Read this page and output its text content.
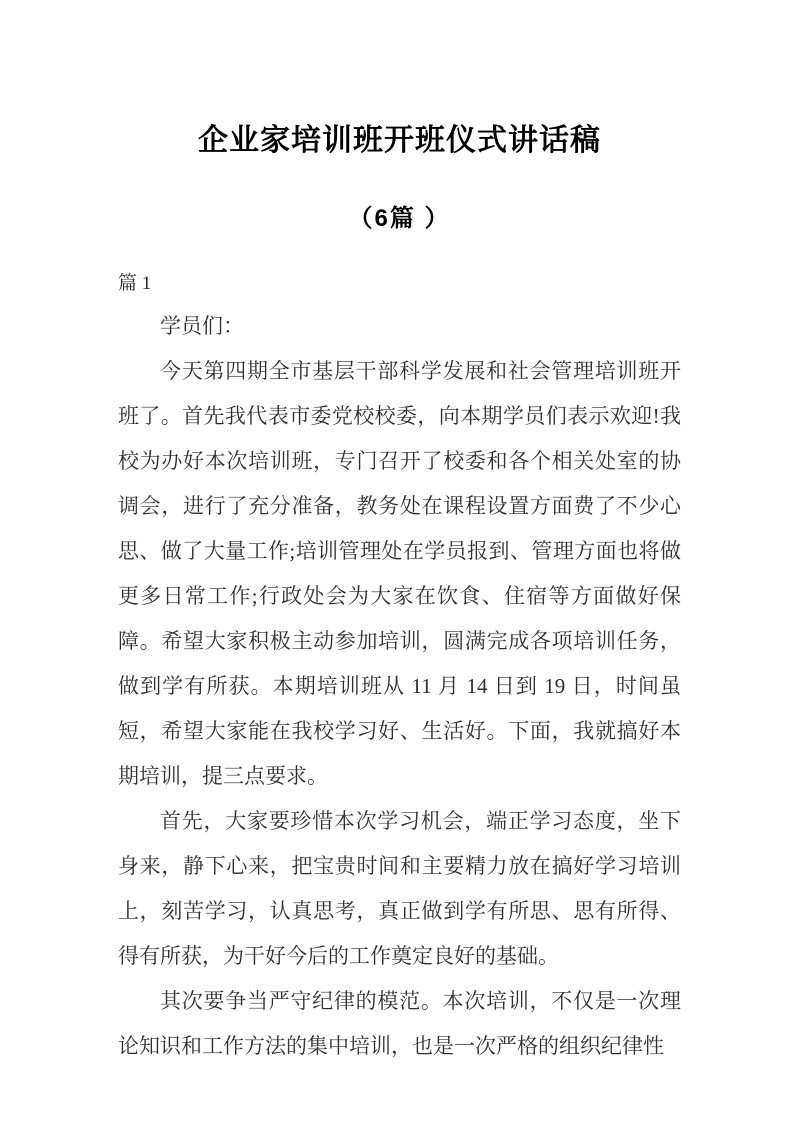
企业家培训班开班仪式讲话稿
（6篇 ）
篇 1

学员们：

今天第四期全市基层干部科学发展和社会管理培训班开班了。首先我代表市委党校校委，向本期学员们表示欢迎!我校为办好本次培训班，专门召开了校委和各个相关处室的协调会，进行了充分准备，教务处在课程设置方面费了不少心思、做了大量工作;培训管理处在学员报到、管理方面也将做更多日常工作;行政处会为大家在饮食、住宿等方面做好保障。希望大家积极主动参加培训，圆满完成各项培训任务，做到学有所获。本期培训班从 11 月 14 日到 19 日，时间虽短，希望大家能在我校学习好、生活好。下面，我就搞好本期培训，提三点要求。

首先，大家要珍惜本次学习机会，端正学习态度，坐下身来，静下心来，把宝贵时间和主要精力放在搞好学习培训上，刻苦学习，认真思考，真正做到学有所思、思有所得、得有所获，为干好今后的工作奠定良好的基础。

其次要争当严守纪律的模范。本次培训，不仅是一次理论知识和工作方法的集中培训，也是一次严格的组织纪律性
